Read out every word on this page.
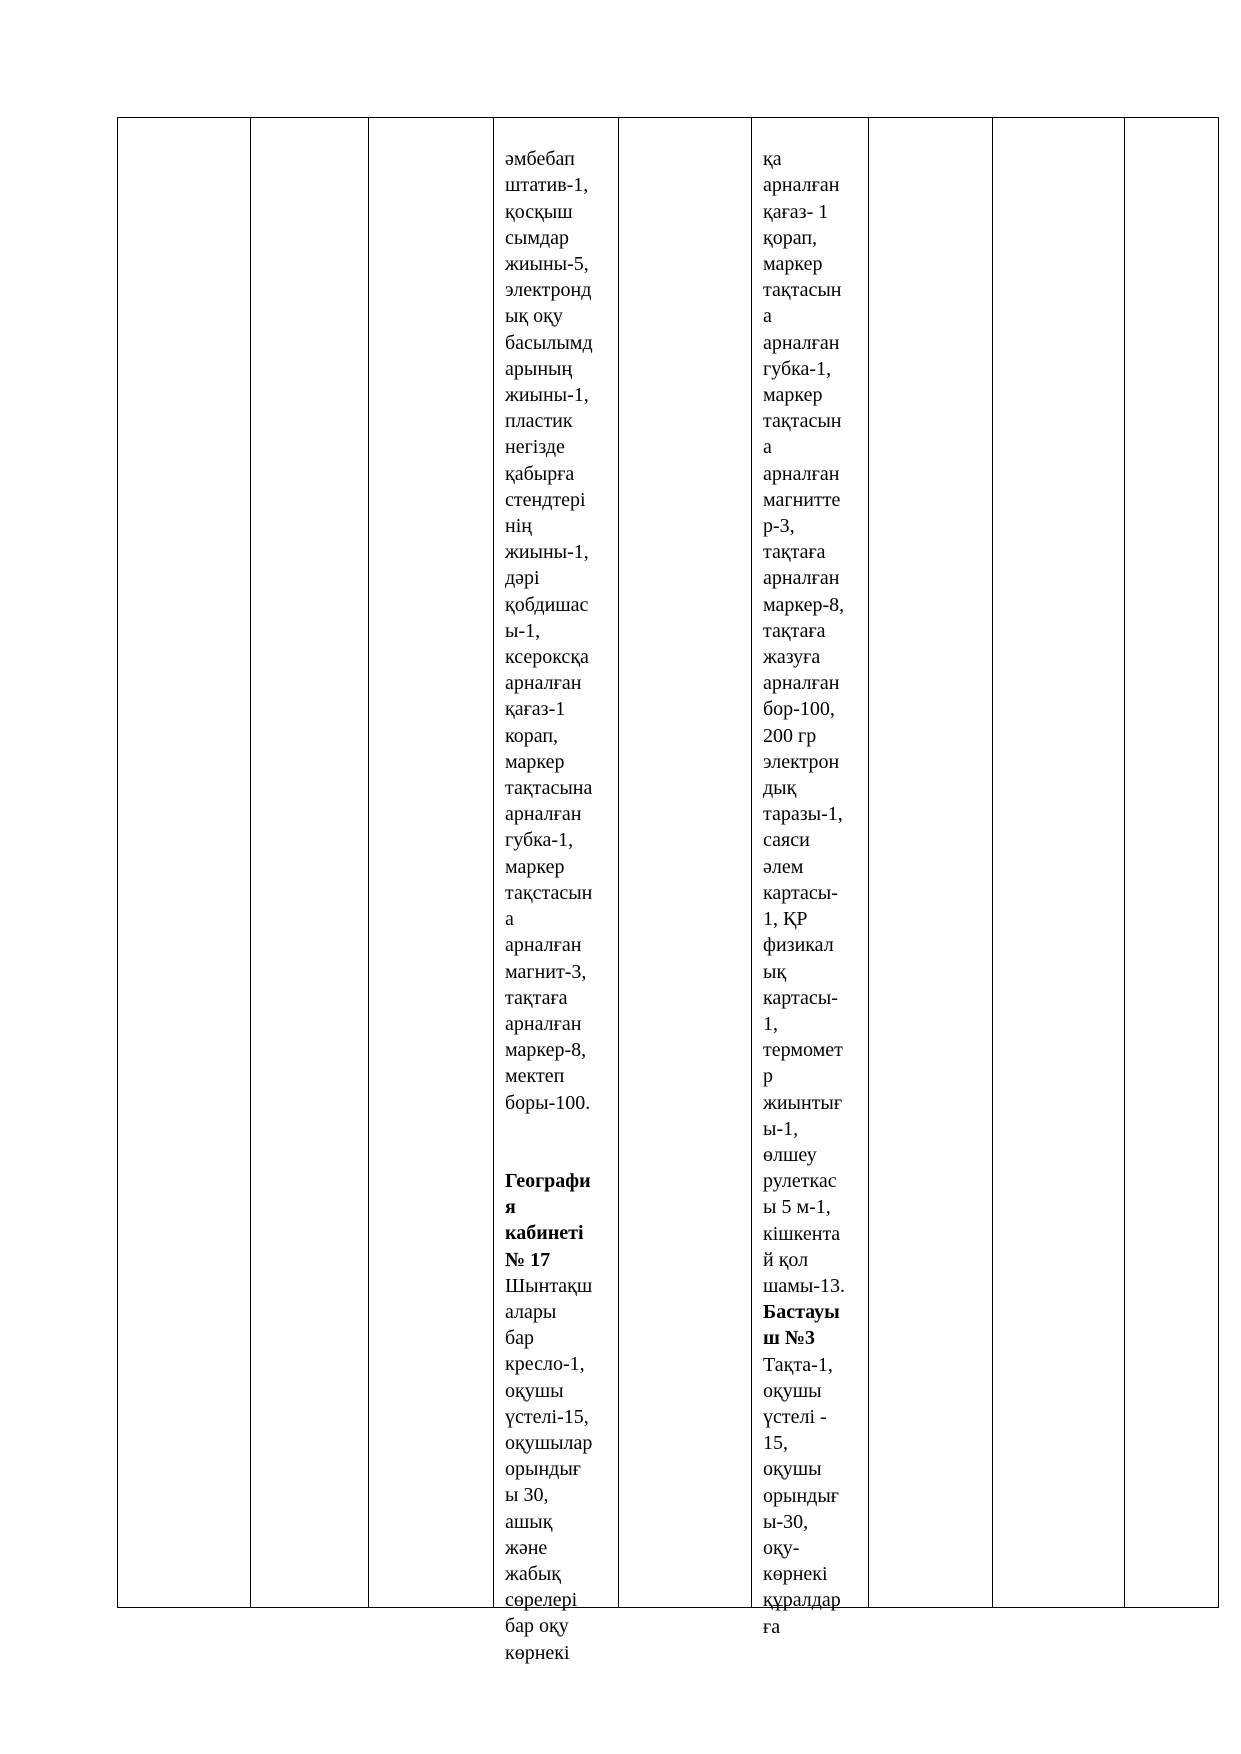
әмбебап
штатив-1,
қосқыш
сымдар
жиыны-5,
электронд
ық оқу
басылымд
арының
жиыны-1,
пластик
негізде
қабырға
стендтері
нің
жиыны-1,
дәрі
қобдишас
ы-1,
ксероксқа
арналған
қағаз-1
корап,
маркер
тақтасына
арналған
губка-1,
маркер
тақстасын
а
арналған
магнит-3,
тақтаға
арналған
маркер-8,
мектеп
боры-100.

Географи
я
кабинеті
№ 17
Шынтақш
алары
бар
кресло-1,
оқушы
үстелі-15,
оқушылар
орындығ
ы 30,
ашық
және
жабық
сөрелері
бар оқу
көрнекі

қа
арналған
қағаз- 1
қорап,
маркер
тақтасын
а
арналған
губка-1,
маркер
тақтасын
а
арналған
магнитте
р-3,
тақтаға
арналған
маркер-8,
тақтаға
жазуға
арналған
бор-100,
200 гр
электрон
дық
таразы-1,
саяси
әлем
картасы-
1, ҚР
физикал
ық
картасы-
1,
термомет
р
жиынтығ
ы-1,
өлшеу
рулеткас
ы 5 м-1,
кішкентa
й қол
шамы-13.
Бастауы
ш №3
Тақта-1,
оқушы
үстелі -
15,
оқушы
орындығ
ы-30,
оқу-
көрнекі
құралдар
ға
